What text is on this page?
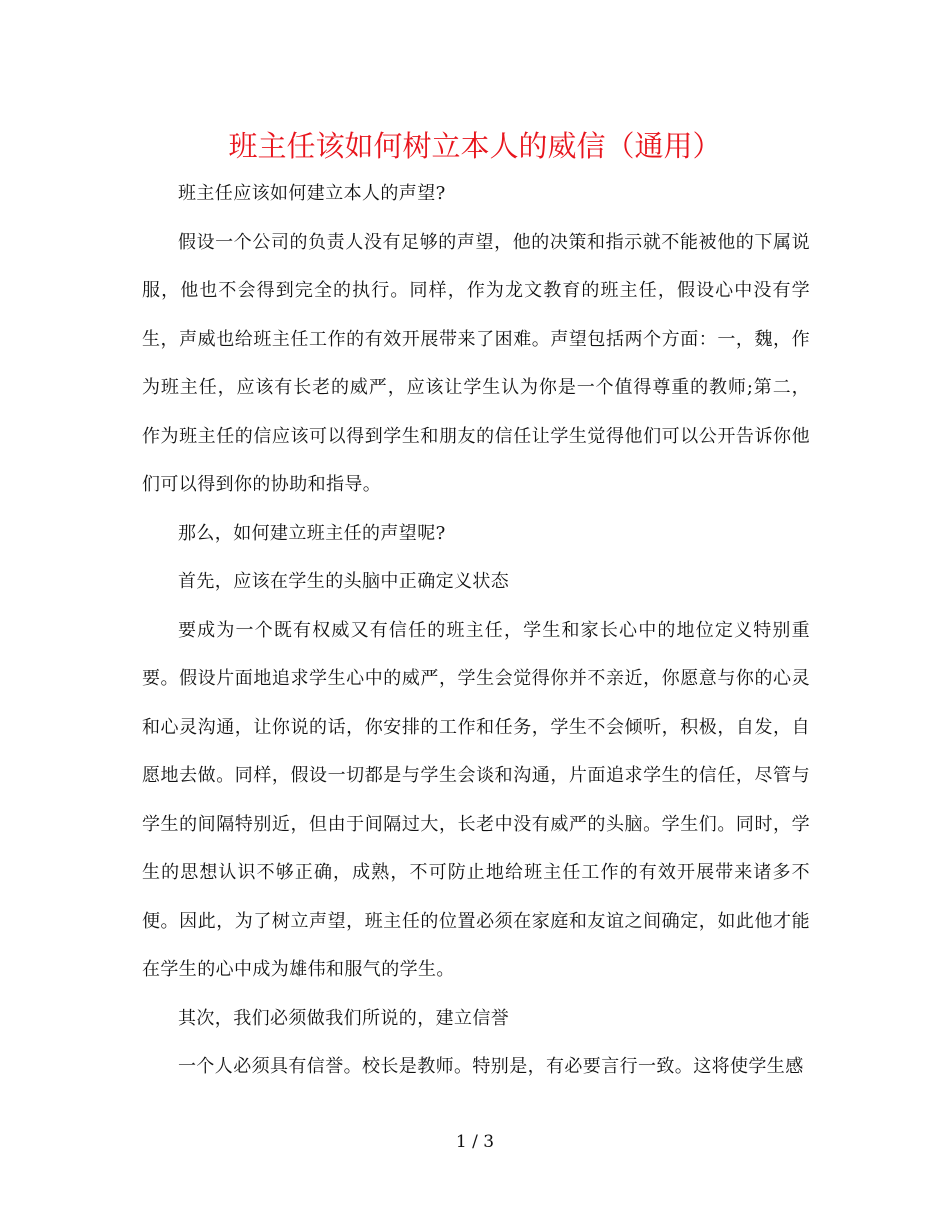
班主任该如何树立本人的威信（通用）

班主任应该如何建立本人的声望?

假设一个公司的负责人没有足够的声望，他的决策和指示就不能被他的下属说服，他也不会得到完全的执行。同样，作为龙文教育的班主任，假设心中没有学生，声威也给班主任工作的有效开展带来了困难。声望包括两个方面：一，魏，作为班主任，应该有长老的威严，应该让学生认为你是一个值得尊重的教师;第二，作为班主任的信应该可以得到学生和朋友的信任让学生觉得他们可以公开告诉你他们可以得到你的协助和指导。

那么，如何建立班主任的声望呢?

首先，应该在学生的头脑中正确定义状态

要成为一个既有权威又有信任的班主任，学生和家长心中的地位定义特别重要。假设片面地追求学生心中的威严，学生会觉得你并不亲近，你愿意与你的心灵和心灵沟通，让你说的话，你安排的工作和任务，学生不会倾听，积极，自发，自愿地去做。同样，假设一切都是与学生会谈和沟通，片面追求学生的信任，尽管与学生的间隔特别近，但由于间隔过大，长老中没有威严的头脑。学生们。同时，学生的思想认识不够正确，成熟，不可防止地给班主任工作的有效开展带来诸多不便。因此，为了树立声望，班主任的位置必须在家庭和友谊之间确定，如此他才能在学生的心中成为雄伟和服气的学生。

其次，我们必须做我们所说的，建立信誉

一个人必须具有信誉。校长是教师。特别是，有必要言行一致。这将使学生感

1 / 3
